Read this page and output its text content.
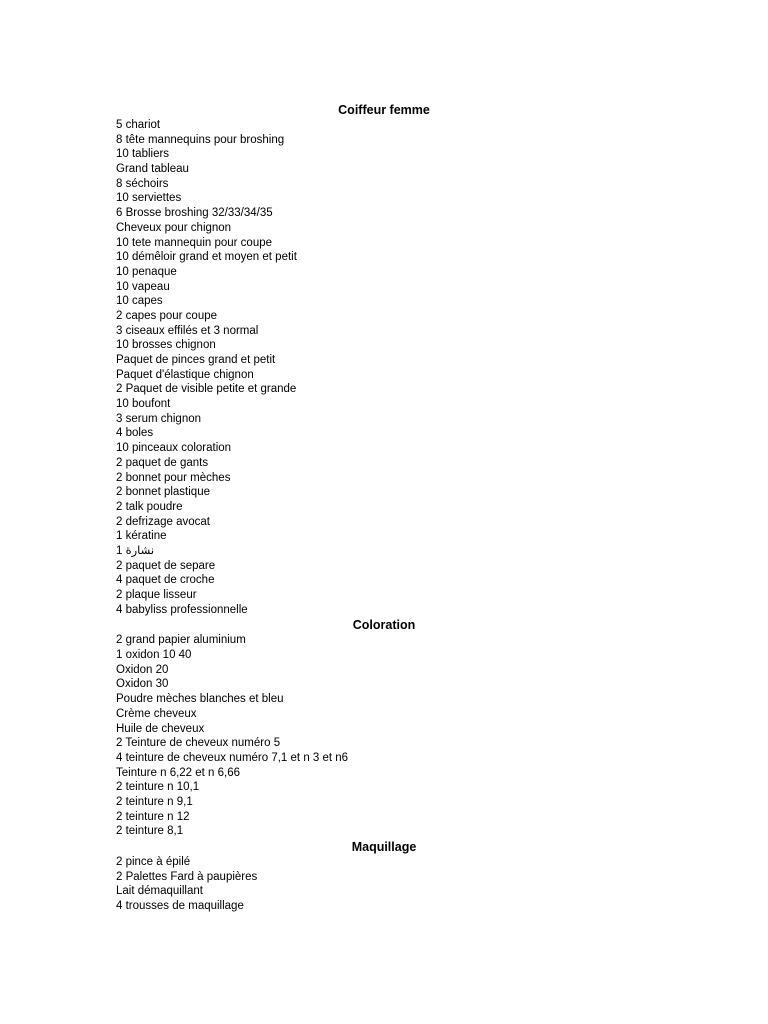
Coiffeur femme
5 chariot
8 tête mannequins pour broshing
10 tabliers
Grand tableau
8 séchoirs
10 serviettes
6 Brosse broshing 32/33/34/35
Cheveux pour chignon
10 tete mannequin pour coupe
10 démêloir grand et moyen et petit
10 penaque
10 vapeau
10 capes
2 capes pour coupe
3 ciseaux effilés et 3 normal
10 brosses chignon
Paquet de pinces grand et petit
Paquet d'élastique chignon
2 Paquet de visible petite et grande
10 boufont
3 serum chignon
4 boles
10 pinceaux coloration
2 paquet de gants
2 bonnet pour mèches
2 bonnet plastique
2 talk poudre
2 defrizage avocat
1 kératine
1 نشارة
2 paquet de separe
4 paquet de croche
2 plaque lisseur
4 babyliss professionnelle
Coloration
2 grand papier aluminium
1 oxidon 10 40
Oxidon 20
Oxidon 30
Poudre mèches blanches et bleu
Crème cheveux
Huile de cheveux
2 Teinture de cheveux numéro 5
4 teinture de cheveux numéro 7,1 et n 3 et n6
Teinture n 6,22 et n 6,66
2 teinture n 10,1
2 teinture n 9,1
2 teinture n 12
2 teinture 8,1
Maquillage
2 pince à épilé
2 Palettes Fard à paupières
Lait démaquillant
4 trousses de maquillage
